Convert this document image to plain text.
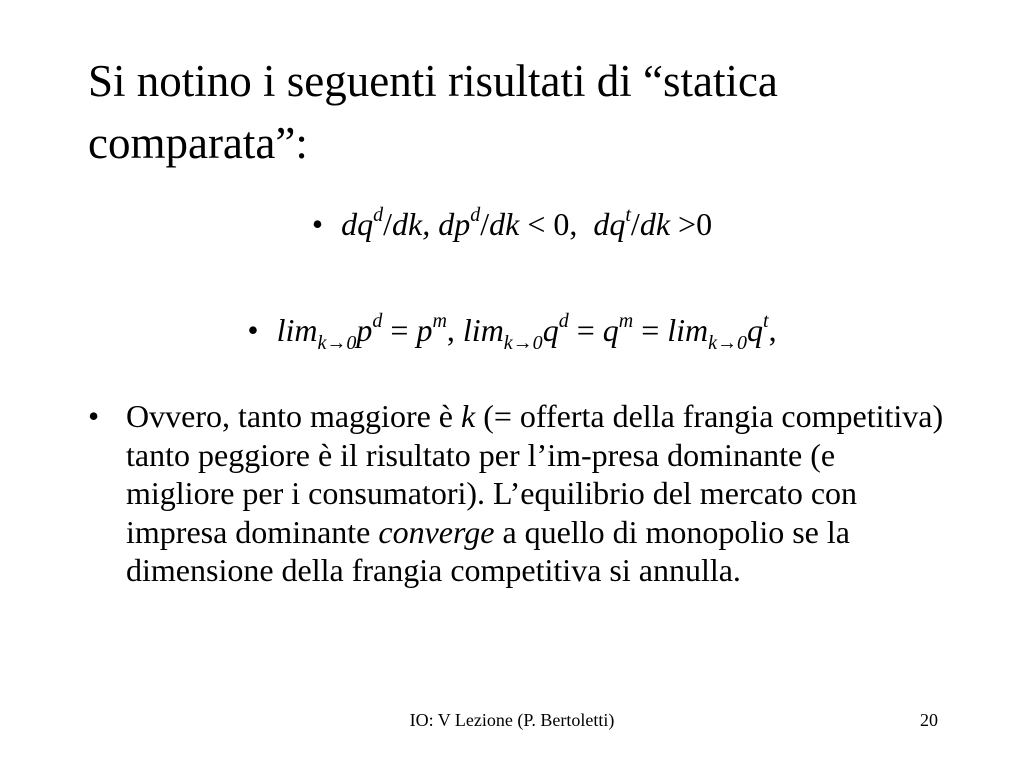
Si notino i seguenti risultati di “statica comparata”:
• $dq^d/dk$, $dp^d/dk < 0$,  $dq^t/dk >0$
• $\lim_{k\to 0}p^d = p^m$, $\lim_{k\to 0}q^d = q^m = \lim_{k\to 0}q^t$,
• Ovvero, tanto maggiore è k (= offerta della frangia competitiva) tanto peggiore è il risultato per l’im-presa dominante (e migliore per i consumatori). L’equilibrio del mercato con impresa dominante converge a quello di monopolio se la dimensione della frangia competitiva si annulla.
IO: V Lezione (P. Bertoletti)	20
